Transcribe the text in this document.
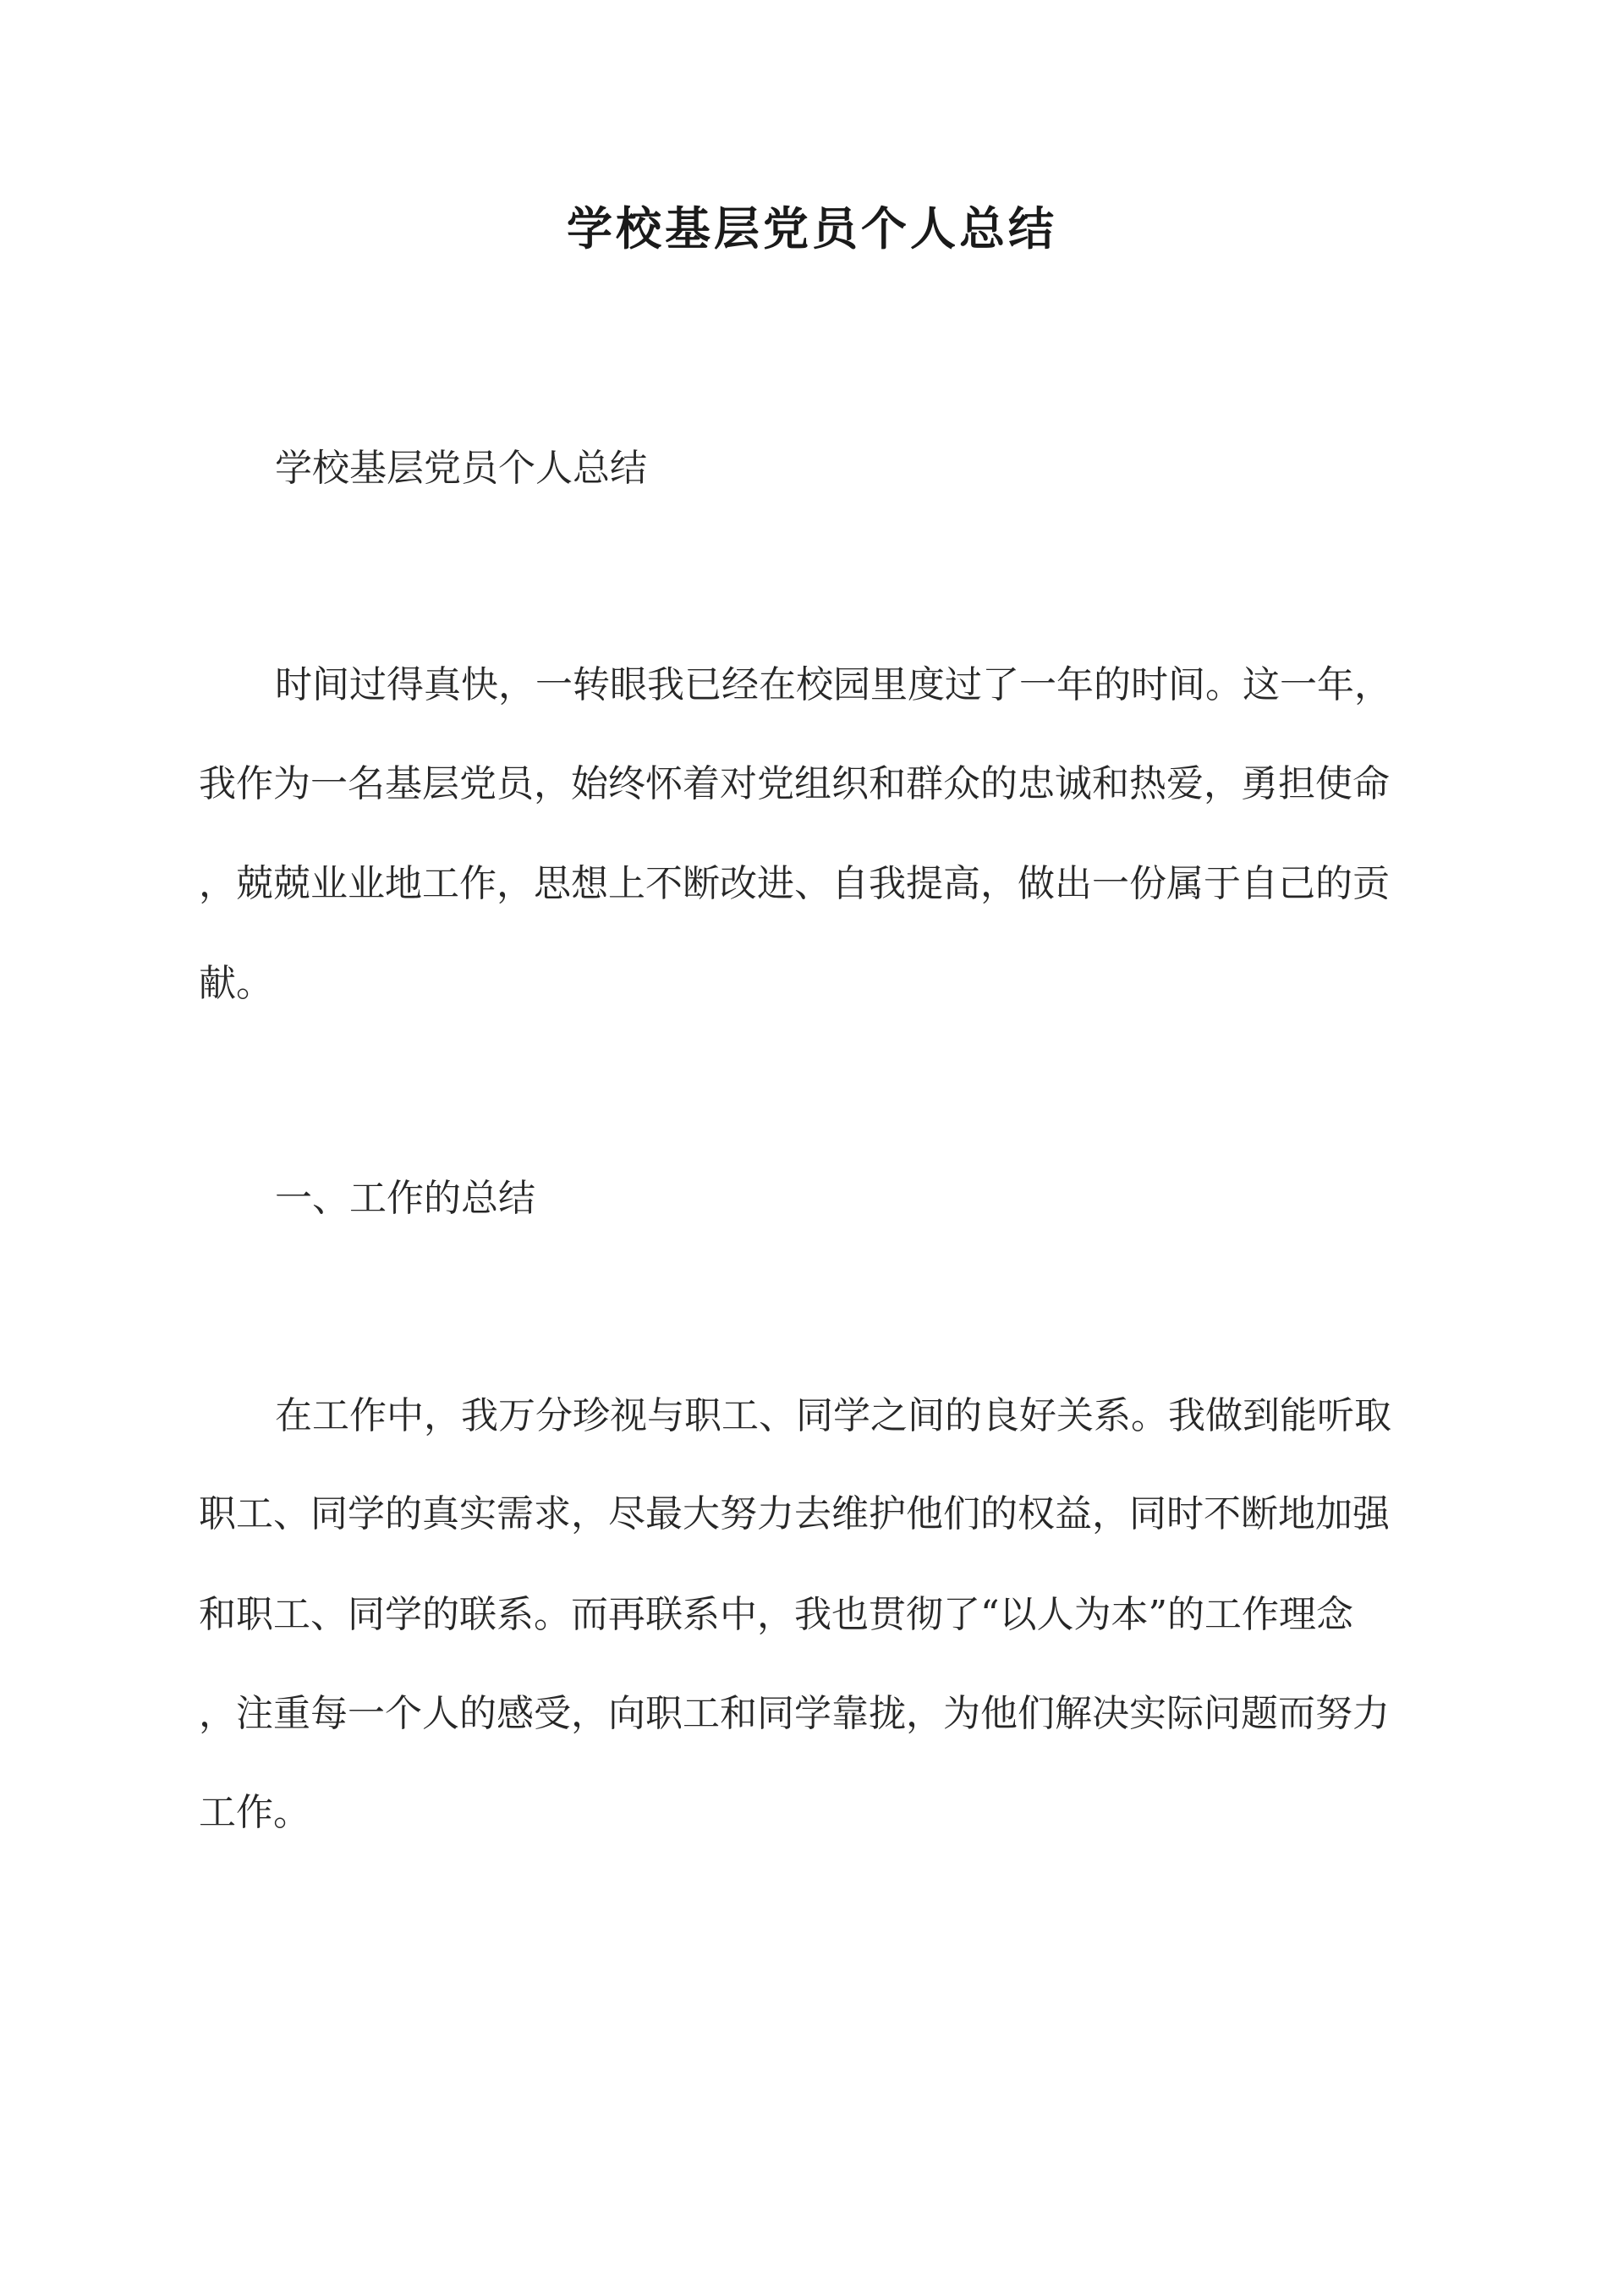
学校基层党员个人总结
学校基层党员个人总结
时间过得真快，一转眼我已经在校园里度过了一年的时间。这一年，
我作为一名基层党员，始终怀着对党组织和群众的忠诚和热爱，勇担使命
，兢兢业业地工作，思想上不断改进、自我提高，做出一份属于自己的贡
献。
一、工作的总结
在工作中，我万分珍视与职工、同学之间的良好关系。我做到能听取
职工、同学的真实需求，尽最大努力去维护他们的权益，同时不断地加强
和职工、同学的联系。而再联系中，我也贯彻了“以人为本”的工作理念
，注重每一个人的感受，向职工和同学靠拢，为他们解决实际问题而努力
工作。
